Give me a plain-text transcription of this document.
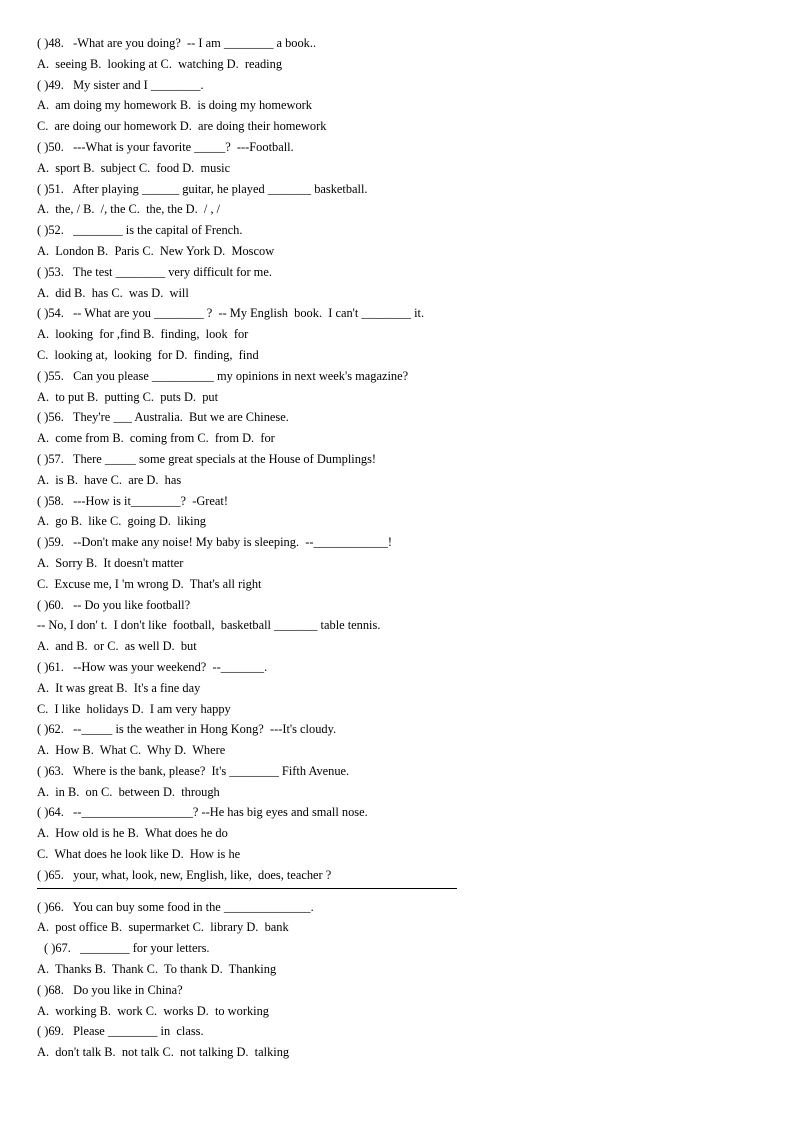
( )48.   -What are you doing?  -- I am ________ a book..
A.  seeing B.  looking at C.  watching D.  reading
( )49.   My sister and I ________.
A.  am doing my homework B.  is doing my homework
C.  are doing our homework D.  are doing their homework
( )50.   ---What is your favorite _____?  ---Football.
A.  sport B.  subject C.  food D.  music
( )51.   After playing ______ guitar, he played _______ basketball.
A.  the, / B.  /, the C.  the, the D.  / , /
( )52.   ________ is the capital of French.
A.  London B.  Paris C.  New York D.  Moscow
( )53.   The test ________ very difficult for me.
A.  did B.  has C.  was D.  will
( )54.   -- What are you ________ ?  -- My English  book.  I can't ________ it.
A.  looking  for ,find B.  finding,  look  for
C.  looking at,  looking  for D.  finding,  find
( )55.   Can you please __________ my opinions in next week's magazine?
A.  to put B.  putting C.  puts D.  put
( )56.   They're ___ Australia.  But we are Chinese.
A.  come from B.  coming from C.  from D.  for
( )57.   There _____ some great specials at the House of Dumplings!
A.  is B.  have C.  are D.  has
( )58.   ---How is it________?  -Great!
A.  go B.  like C.  going D.  liking
( )59.   --Don't make any noise! My baby is sleeping.  --____________!
A.  Sorry B.  It doesn't matter
C.  Excuse me, I 'm wrong D.  That's all right
( )60.   -- Do you like football?
-- No, I don' t.  I don't like  football,  basketball _______ table tennis.
A.  and B.  or C.  as well D.  but
( )61.   --How was your weekend?  --_______.
A.  It was great B.  It's a fine day
C.  I like  holidays D.  I am very happy
( )62.   --_____ is the weather in Hong Kong?  ---It's cloudy.
A.  How B.  What C.  Why D.  Where
( )63.   Where is the bank, please?  It's ________ Fifth Avenue.
A.  in B.  on C.  between D.  through
( )64.   --__________________? --He has big eyes and small nose.
A.  How old is he B.  What does he do
C.  What does he look like D.  How is he
( )65.   your, what, look, new, English, like,  does, teacher ?
( )66.   You can buy some food in the ______________.
A.  post office B.  supermarket C.  library D.  bank
( )67.   ________ for your letters.
A.  Thanks B.  Thank C.  To thank D.  Thanking
( )68.   Do you like in China?
A.  working B.  work C.  works D.  to working
( )69.   Please ________ in  class.
A.  don't talk B.  not talk C.  not talking D.  talking
